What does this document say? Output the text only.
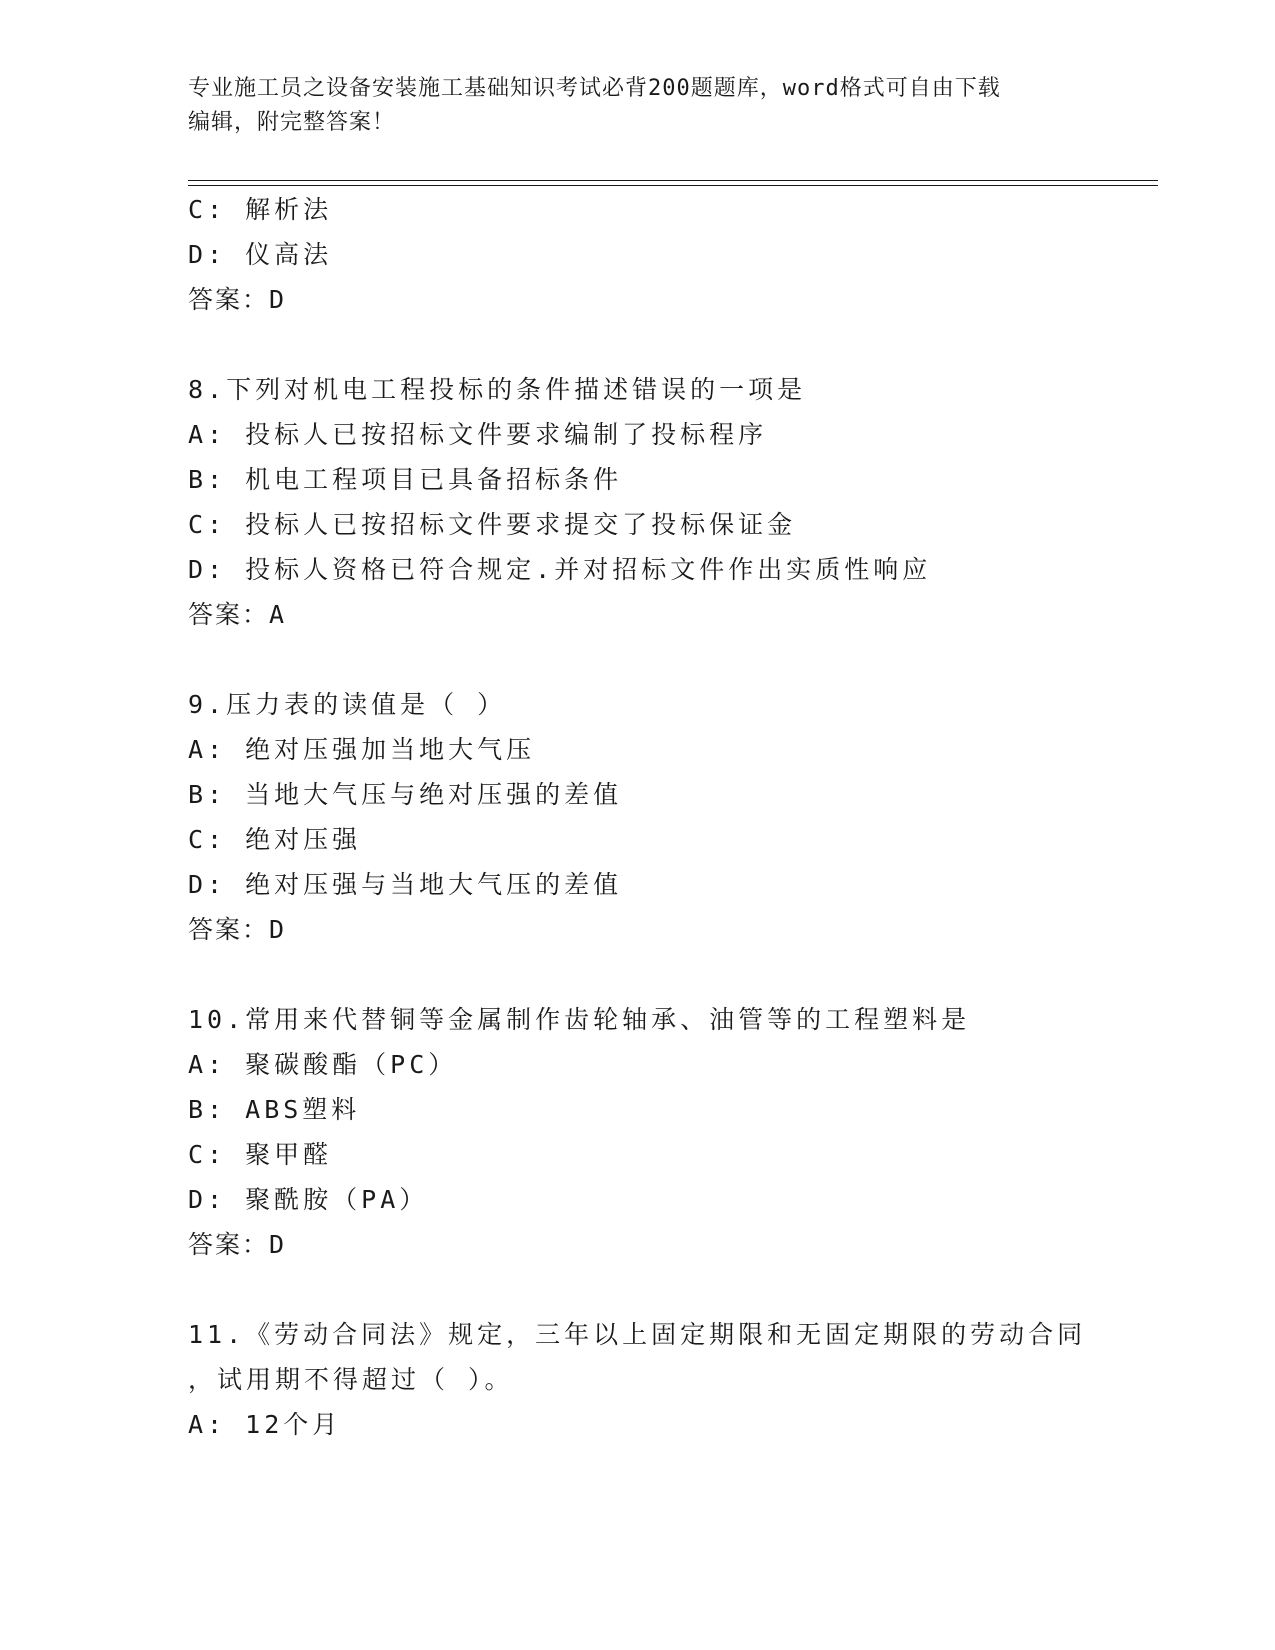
专业施工员之设备安装施工基础知识考试必背200题题库，word格式可自由下载
编辑，附完整答案！
C: 解析法
D: 仪高法
答案：D
8.下列对机电工程投标的条件描述错误的一项是
A: 投标人已按招标文件要求编制了投标程序
B: 机电工程项目已具备招标条件
C: 投标人已按招标文件要求提交了投标保证金
D: 投标人资格已符合规定.并对招标文件作出实质性响应
答案：A
9.压力表的读值是（ ）
A: 绝对压强加当地大气压
B: 当地大气压与绝对压强的差值
C: 绝对压强
D: 绝对压强与当地大气压的差值
答案：D
10.常用来代替铜等金属制作齿轮轴承、油管等的工程塑料是
A: 聚碳酸酯（PC）
B: ABS塑料
C: 聚甲醛
D: 聚酰胺（PA）
答案：D
11.《劳动合同法》规定，三年以上固定期限和无固定期限的劳动合同
，试用期不得超过（ ）。
A: 12个月
